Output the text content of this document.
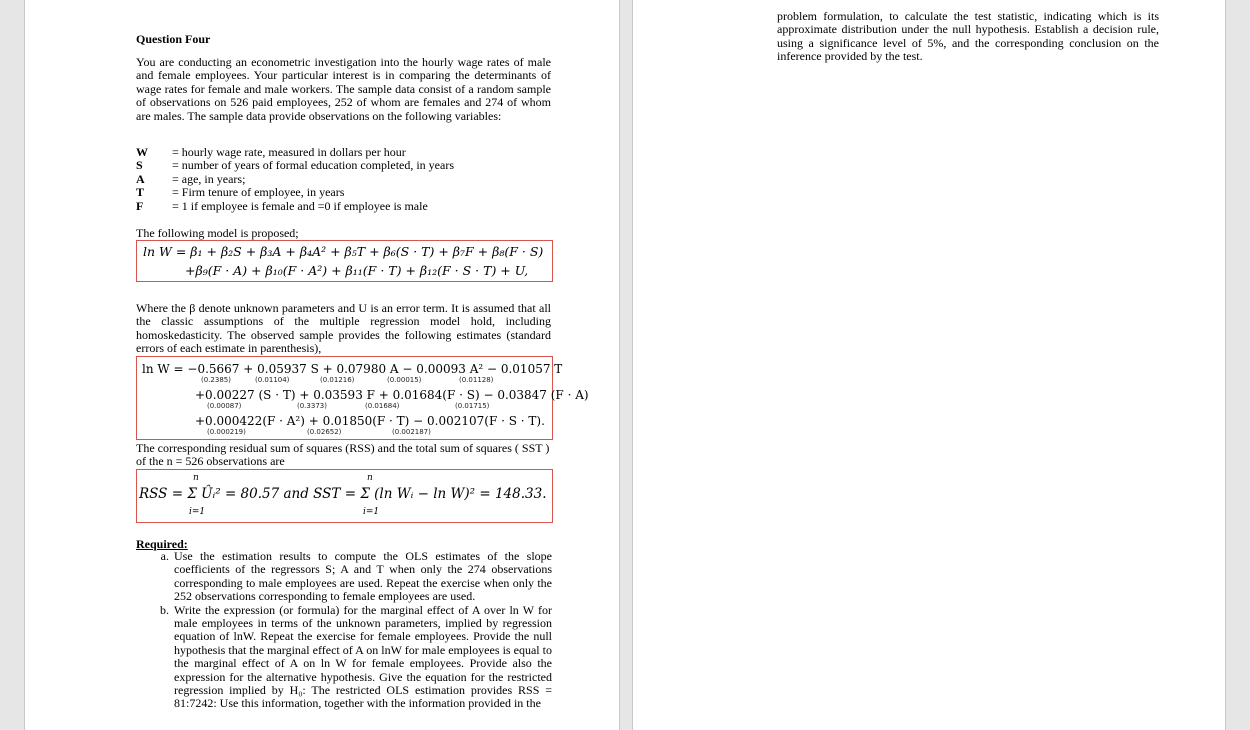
Question Four
You are conducting an econometric investigation into the hourly wage rates of male and female employees. Your particular interest is in comparing the determinants of wage rates for female and male workers. The sample data consist of a random sample of observations on 526 paid employees, 252 of whom are females and 274 of whom are males. The sample data provide observations on the following variables:
W	= hourly wage rate, measured in dollars per hour
S	= number of years of formal education completed, in years
A	= age, in years;
T	= Firm tenure of employee, in years
F	= 1 if employee is female and =0 if employee is male
The following model is proposed;
ln W = β₁ + β₂S + β₃A + β₄A² + β₅T + β₆(S · T) + β₇F + β₈(F · S)
+β₉(F · A) + β₁₀(F · A²) + β₁₁(F · T) + β₁₂(F · S · T) + U,
Where the β denote unknown parameters and U is an error term. It is assumed that all the classic assumptions of the multiple regression model hold, including homoskedasticity. The observed sample provides the following estimates (standard errors of each estimate in parenthesis),
ln W = −0.5667 + 0.05937 S + 0.07980 A − 0.00093 A² − 0.01057 T
(0.2385)	(0.01104)	(0.01216)	(0.00015)	(0.01128)
+0.00227 (S · T) + 0.03593 F + 0.01684(F · S) − 0.03847 (F · A)
(0.00087)	(0.3373)	(0.01684)	(0.01715)
+0.000422(F · A²) + 0.01850(F · T) − 0.002107(F · S · T).
(0.000219)	(0.02652)	(0.002187)
The corresponding residual sum of squares (RSS) and the total sum of squares ( SST ) of the n = 526 observations are
n
i=1
n
i=1
RSS = Σ Ûᵢ² = 80.57 and SST = Σ (ln Wᵢ − ln W)² = 148.33.
Required:
a. Use the estimation results to compute the OLS estimates of the slope coefficients of the regressors S; A and T when only the 274 observations corresponding to male employees are used. Repeat the exercise when only the 252 observations corresponding to female employees are used.
b. Write the expression (or formula) for the marginal effect of A over ln W for male employees in terms of the unknown parameters, implied by regression equation of lnW. Repeat the exercise for female employees. Provide the null hypothesis that the marginal effect of A on lnW for male employees is equal to the marginal effect of A on ln W for female employees. Provide also the expression for the alternative hypothesis. Give the equation for the restricted regression implied by H₀: The restricted OLS estimation provides RSS = 81:7242: Use this information, together with the information provided in the
problem formulation, to calculate the test statistic, indicating which is its approximate distribution under the null hypothesis. Establish a decision rule, using a significance level of 5%, and the corresponding conclusion on the inference provided by the test.
